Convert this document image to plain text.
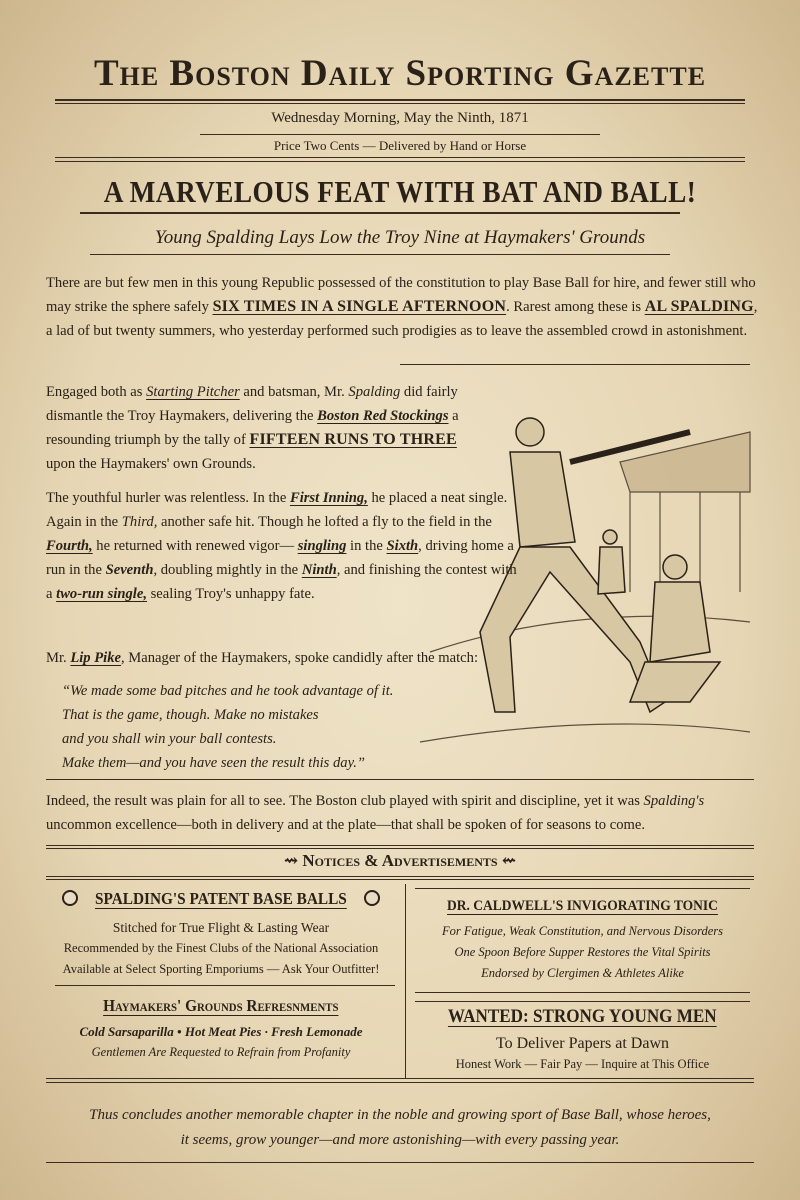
The Boston Daily Sporting Gazette
Wednesday Morning, May the Ninth, 1871
Price Two Cents — Delivered by Hand or Horse
A MARVELOUS FEAT WITH BAT AND BALL!
Young Spalding Lays Low the Troy Nine at Haymakers' Grounds

There are but few men in this young Republic possessed of the constitution to play Base Ball for hire, and fewer still who may strike the sphere safely SIX TIMES IN A SINGLE AFTERNOON. Rarest among these is AL SPALDING, a lad of but twenty summers, who yesterday performed such prodigies as to leave the assembled crowd in astonishment.

Engaged both as Starting Pitcher and batsman, Mr. Spalding did fairly dismantle the Troy Haymakers, delivering the Boston Red Stockings a resounding triumph by the tally of FIFTEEN RUNS TO THREE upon the Haymakers' own Grounds.

The youthful hurler was relentless. In the First Inning, he placed a neat single. Again in the Third, another safe hit. Though he lofted a fly to the field in the Fourth, he returned with renewed vigor— singling in the Sixth, driving home a run in the Seventh, doubling mightly in the Ninth, and finishing the contest with a two-run single, sealing Troy's unhappy fate.

Mr. Lip Pike, Manager of the Haymakers, spoke candidly after the match:

“We made some bad pitches and he took advantage of it.

That is the game, though. Make no mistakes

and you shall win your ball contests.

Make them—and you have seen the result this day.”

Indeed, the result was plain for all to see. The Boston club played with spirit and discipline, yet it was Spalding's uncommon excellence—both in delivery and at the plate—that shall be spoken of for seasons to come.

⇝ Notices & Advertisements ⇜
SPALDING'S PATENT BASE BALLS
Stitched for True Flight & Lasting Wear
Recommended by the Finest Clubs of the National Association
Available at Select Sporting Emporiums — Ask Your Outfitter!
Haymakers' Grounds Refresnments
Cold Sarsaparilla • Hot Meat Pies · Fresh Lemonade
Gentlemen Are Requested to Refrain from Profanity
DR. CALDWELL'S INVIGORATING TONIC
For Fatigue, Weak Constitution, and Nervous Disorders
One Spoon Before Supper Restores the Vital Spirits
Endorsed by Clergimen & Athletes Alike
WANTED: STRONG YOUNG MEN
To Deliver Papers at Dawn
Honest Work — Fair Pay — Inquire at This Office
Thus concludes another memorable chapter in the noble and growing sport of Base Ball, whose heroes,
it seems, grow younger—and more astonishing—with every passing year.
